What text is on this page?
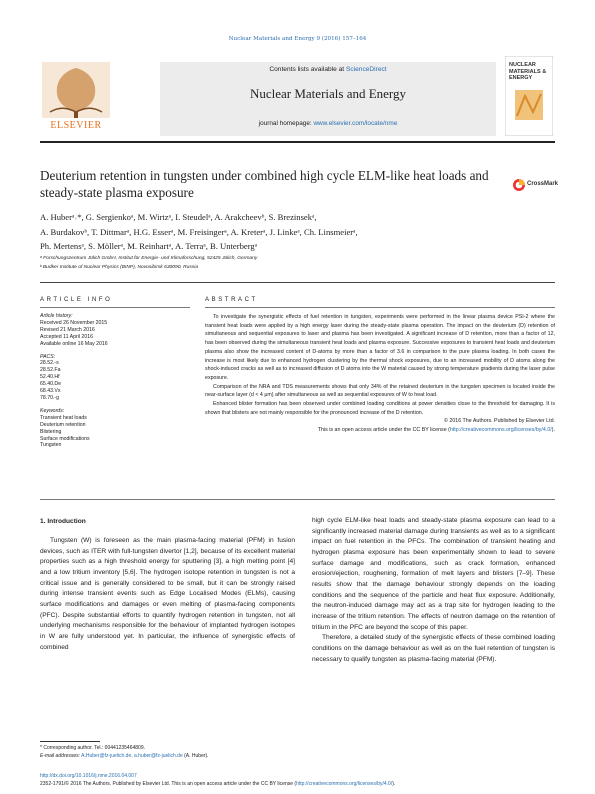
Nuclear Materials and Energy 9 (2016) 157–164
ELSEVIER
Contents lists available at ScienceDirect
Nuclear Materials and Energy
journal homepage: www.elsevier.com/locate/nme
NUCLEAR MATERIALS & ENERGY
Deuterium retention in tungsten under combined high cycle ELM-like heat loads and steady-state plasma exposure
CrossMark
A. Huberᵃ˒*, G. Sergienkoᵃ, M. Wirtzᵃ, I. Steudelᵃ, A. Arakcheevᵇ, S. Brezinsekᵃ,
A. Burdakovᵇ, T. Dittmarᵃ, H.G. Esserᵃ, M. Freisingerᵃ, A. Kreterᵃ, J. Linkeᵃ, Ch. Linsmeierᵃ,
Ph. Mertensᵃ, S. Möllerᵃ, M. Reinhartᵃ, A. Terraᵃ, B. Unterbergᵃ
ᵃ Forschungszentrum Jülich GmbH, Institut für Energie- und Klimaforschung, 52425 Jülich, Germany
ᵇ Budker Institute of Nuclear Physics (BINP), Novosibirsk 630090, Russia
ARTICLE INFO	ABSTRACT
Article history:
Received 26 November 2015
Revised 21 March 2016
Accepted 11 April 2016
Available online 16 May 2016
PACS:
28.52.-s
28.52.Fa
52.40.Hf
65.40.De
68.43.Vx
78.70.-g
Keywords:
Transient heat loads
Deuterium retention
Blistering
Surface modifications
Tungsten

To investigate the synergistic effects of fuel retention in tungsten, experiments were performed in the linear plasma device PSI-2 where the transient heat loads were applied by a high energy laser during the steady-state plasma operation. The impact on the deuterium (D) retention of simultaneous and sequential exposures to laser and plasma has been investigated. A significant increase of D retention, more than a factor of 12, has been observed during the simultaneous transient heat loads and plasma exposure. Successive exposures to transient heat loads and deuterium plasma also show the increased content of D-atoms by more than a factor of 3.6 in comparison to the pure plasma loading. In both cases the increase is most likely due to enhanced hydrogen clustering by the thermal shock exposures, due to an increased mobility of D atoms along the shock-induced cracks as well as to increased diffusion of D atoms into the W material caused by strong temperature gradients during the laser pulse exposure.

Comparison of the NRA and TDS measurements shows that only 34% of the retained deuterium in the tungsten specimen is located inside the near-surface layer (d < 4 μm) after simultaneous as well as sequential exposures of W to heat load.

Enhanced blister formation has been observed under combined loading conditions at power densities close to the threshold for damaging. It is shown that blisters are not mainly responsible for the pronounced increase of the D retention.

© 2016 The Authors. Published by Elsevier Ltd.

This is an open access article under the CC BY license (http://creativecommons.org/licenses/by/4.0/).

1. Introduction

Tungsten (W) is foreseen as the main plasma-facing material (PFM) in fusion devices, such as ITER with full-tungsten divertor [1,2], because of its excellent material properties such as a high threshold energy for sputtering [3], a high melting point [4] and a low tritium inventory [5,6]. The hydrogen isotope retention in tungsten is not a critical issue and is generally considered to be small, but it can be strongly raised during intense transient events such as Edge Localised Modes (ELMs), causing surface modifications and damages or even melting of plasma-facing components (PFC). Despite substantial efforts to quantify hydrogen retention in tungsten, not all underlying mechanisms responsible for the behaviour of implanted hydrogen isotopes in W are fully understood yet. In particular, the influence of synergistic effects of combined

high cycle ELM-like heat loads and steady-state plasma exposure can lead to a significantly increased material damage during transients as well as to a significant impact on fuel retention in the PFCs. The combination of transient heating and hydrogen plasma exposure has been experimentally shown to lead to severe surface damage and modifications, such as crack formation, enhanced erosion/ejection, roughening, formation of melt layers and blisters [7–9]. These results show that the damage behaviour strongly depends on the loading conditions and the sequence of the particle and heat flux exposure. Additionally, the neutron-induced damage may act as a trap site for hydrogen leading to the increase of the tritium retention. The effects of neutron damage on the retention of tritium in the PFC are beyond the scope of this paper.

Therefore, a detailed study of the synergistic effects of these combined loading conditions on the damage behaviour as well as on the fuel retention of tungsten is necessary to qualify tungsten as plasma-facing material (PFM).

* Corresponding author. Tel.: 00441235464809.
E-mail addresses: A.Huber@fz-juelich.de, a.huber@fz-juelich.de (A. Huber).
http://dx.doi.org/10.1016/j.nme.2016.04.007
2352-1791/© 2016 The Authors. Published by Elsevier Ltd. This is an open access article under the CC BY license (http://creativecommons.org/licenses/by/4.0/).
